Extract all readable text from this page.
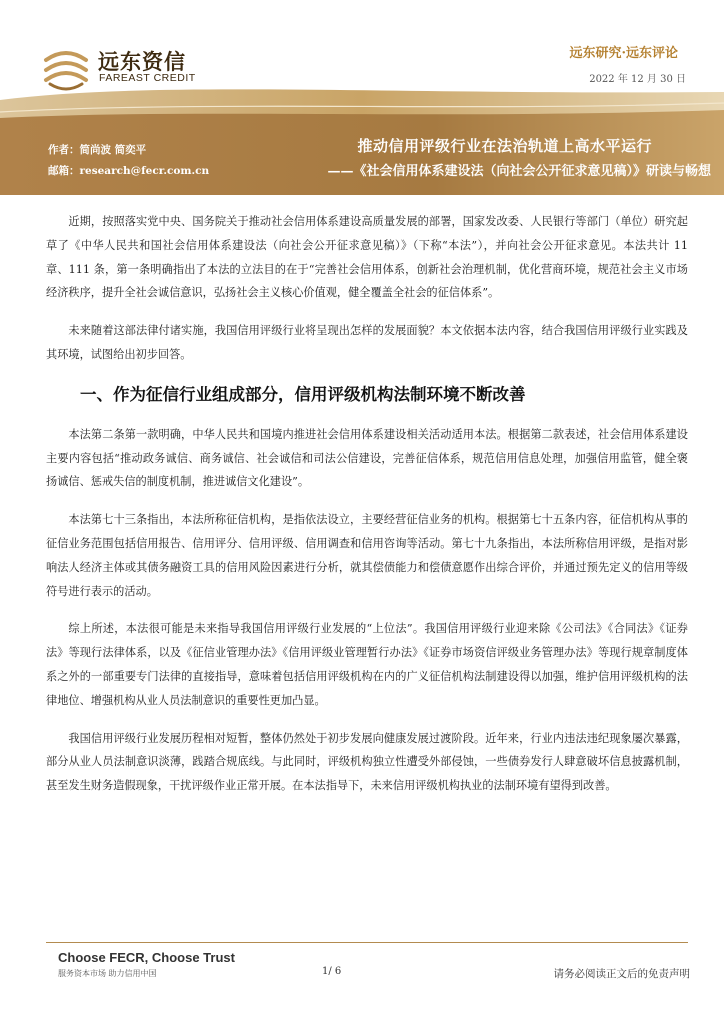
远东资信
FAREAST CREDIT
远东研究·远东评论
2022 年 12 月 30 日
作者：简尚波 简奕平
邮箱：research@fecr.com.cn
推动信用评级行业在法治轨道上高水平运行
——《社会信用体系建设法（向社会公开征求意见稿）》研读与畅想

近期，按照落实党中央、国务院关于推动社会信用体系建设高质量发展的部署，国家发改委、人民银行等部门（单位）研究起草了《中华人民共和国社会信用体系建设法（向社会公开征求意见稿）》（下称“本法”），并向社会公开征求意见。本法共计 11 章、111 条，第一条明确指出了本法的立法目的在于“完善社会信用体系，创新社会治理机制，优化营商环境，规范社会主义市场经济秩序，提升全社会诚信意识，弘扬社会主义核心价值观，健全覆盖全社会的征信体系”。

未来随着这部法律付诸实施，我国信用评级行业将呈现出怎样的发展面貌？本文依据本法内容，结合我国信用评级行业实践及其环境，试图给出初步回答。

一、作为征信行业组成部分，信用评级机构法制环境不断改善

本法第二条第一款明确，中华人民共和国境内推进社会信用体系建设相关活动适用本法。根据第二款表述，社会信用体系建设主要内容包括“推动政务诚信、商务诚信、社会诚信和司法公信建设，完善征信体系，规范信用信息处理，加强信用监管，健全褒扬诚信、惩戒失信的制度机制，推进诚信文化建设”。

本法第七十三条指出，本法所称征信机构，是指依法设立，主要经营征信业务的机构。根据第七十五条内容，征信机构从事的征信业务范围包括信用报告、信用评分、信用评级、信用调查和信用咨询等活动。第七十九条指出，本法所称信用评级，是指对影响法人经济主体或其债务融资工具的信用风险因素进行分析，就其偿债能力和偿债意愿作出综合评价，并通过预先定义的信用等级符号进行表示的活动。

综上所述，本法很可能是未来指导我国信用评级行业发展的“上位法”。我国信用评级行业迎来除《公司法》《合同法》《证券法》等现行法律体系，以及《征信业管理办法》《信用评级业管理暂行办法》《证券市场资信评级业务管理办法》等现行规章制度体系之外的一部重要专门法律的直接指导，意味着包括信用评级机构在内的广义征信机构法制建设得以加强，维护信用评级机构的法律地位、增强机构从业人员法制意识的重要性更加凸显。

我国信用评级行业发展历程相对短暂，整体仍然处于初步发展向健康发展过渡阶段。近年来，行业内违法违纪现象屡次暴露，部分从业人员法制意识淡薄，践踏合规底线。与此同时，评级机构独立性遭受外部侵蚀，一些债券发行人肆意破坏信息披露机制，甚至发生财务造假现象，干扰评级作业正常开展。在本法指导下，未来信用评级机构执业的法制环境有望得到改善。

Choose FECR, Choose Trust
服务资本市场 助力信用中国	1/ 6	请务必阅读正文后的免责声明
